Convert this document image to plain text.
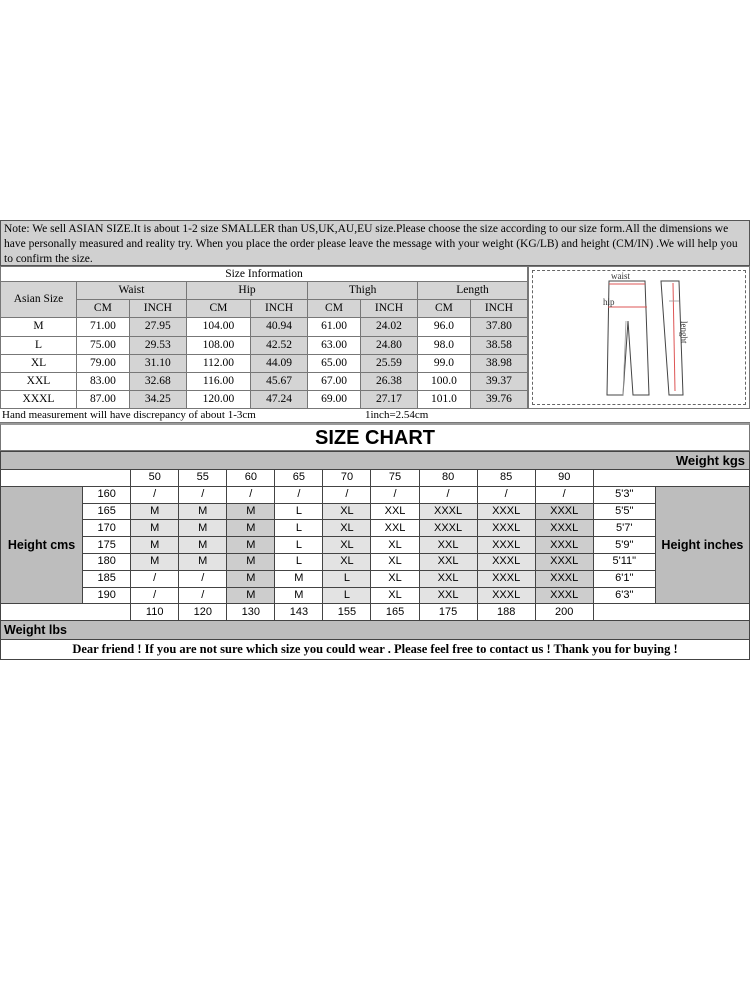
Note: We sell ASIAN SIZE.It is about 1-2 size SMALLER than US,UK,AU,EU size.Please choose the size according to our size form.All the dimensions we have personally measured and reality try. When you place the order please leave the message with your weight (KG/LB) and height (CM/IN) .We will help you to confirm the size.
Size Information								
Asian Size	Waist		Hip		Thigh		Length	
	CM	INCH	CM	INCH	CM	INCH	CM	INCH
M	71.00	27.95	104.00	40.94	61.00	24.02	96.0	37.80
L	75.00	29.53	108.00	42.52	63.00	24.80	98.0	38.58
XL	79.00	31.10	112.00	44.09	65.00	25.59	99.0	38.98
XXL	83.00	32.68	116.00	45.67	67.00	26.38	100.0	39.37
XXXL	87.00	34.25	120.00	47.24	69.00	27.17	101.0	39.76
waist
hip
lenght
Hand measurement will have discrepancy of about 1-3cm	1inch=2.54cm
SIZE CHART
Weight kgs												
		50	55	60	65	70	75	80	85	90		
Height cms	160	/	/	/	/	/	/	/	/	/	5'3"	Height inches
	165	M	M	M	L	XL	XXL	XXXL	XXXL	XXXL	5'5"	
	170	M	M	M	L	XL	XXL	XXXL	XXXL	XXXL	5'7'	
	175	M	M	M	L	XL	XL	XXL	XXXL	XXXL	5'9"	
	180	M	M	M	L	XL	XL	XXL	XXXL	XXXL	5'11"	
	185	/	/	M	M	L	XL	XXL	XXXL	XXXL	6'1"	
	190	/	/	M	M	L	XL	XXL	XXXL	XXXL	6'3"	
		110	120	130	143	155	165	175	188	200		
Weight lbs												
Dear friend ! If you are not sure which size you could wear . Please feel free to contact us ! Thank you for buying !
